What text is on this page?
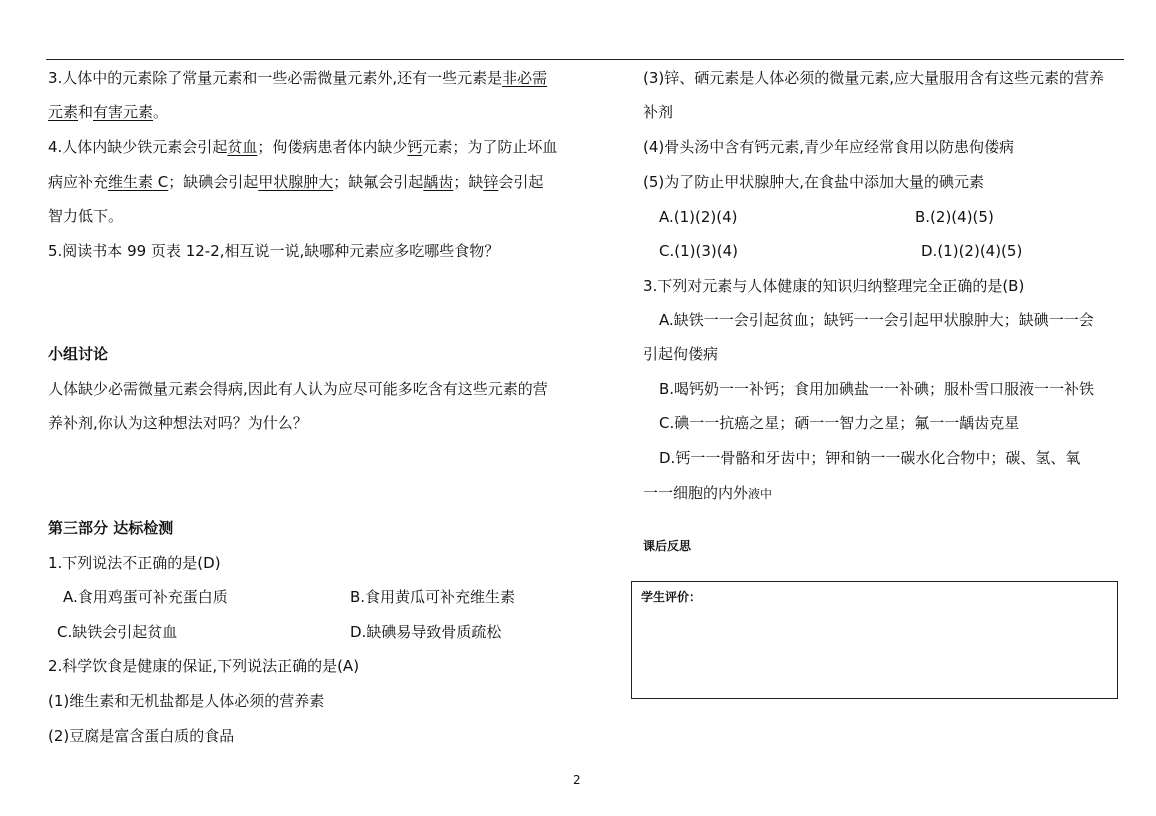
3.人体中的元素除了常量元素和一些必需微量元素外,还有一些元素是非必需
元素和有害元素。
4.人体内缺少铁元素会引起贫血；佝偻病患者体内缺少钙元素；为了防止坏血
病应补充维生素 C；缺碘会引起甲状腺肿大；缺氟会引起龋齿；缺锌会引起
智力低下。
5.阅读书本 99 页表 12-2,相互说一说,缺哪种元素应多吃哪些食物？
小组讨论
人体缺少必需微量元素会得病,因此有人认为应尽可能多吃含有这些元素的营
养补剂,你认为这种想法对吗？为什么？
第三部分 达标检测
1.下列说法不正确的是(D)
A.食用鸡蛋可补充蛋白质	B.食用黄瓜可补充维生素
C.缺铁会引起贫血	D.缺碘易导致骨质疏松
2.科学饮食是健康的保证,下列说法正确的是(A)
(1)维生素和无机盐都是人体必须的营养素
(2)豆腐是富含蛋白质的食品
(3)锌、硒元素是人体必须的微量元素,应大量服用含有这些元素的营养
补剂
(4)骨头汤中含有钙元素,青少年应经常食用以防患佝偻病
(5)为了防止甲状腺肿大,在食盐中添加大量的碘元素
A.(1)(2)(4)	B.(2)(4)(5)
C.(1)(3)(4)	D.(1)(2)(4)(5)
3.下列对元素与人体健康的知识归纳整理完全正确的是(B)
A.缺铁一一会引起贫血；缺钙一一会引起甲状腺肿大；缺碘一一会
引起佝偻病
B.喝钙奶一一补钙；食用加碘盐一一补碘；服朴雪口服液一一补铁
C.碘一一抗癌之星；硒一一智力之星；氟一一龋齿克星
D.钙一一骨骼和牙齿中；钾和钠一一碳水化合物中；碳、氢、氧
一一细胞的内外液中
课后反思
学生评价：
2
